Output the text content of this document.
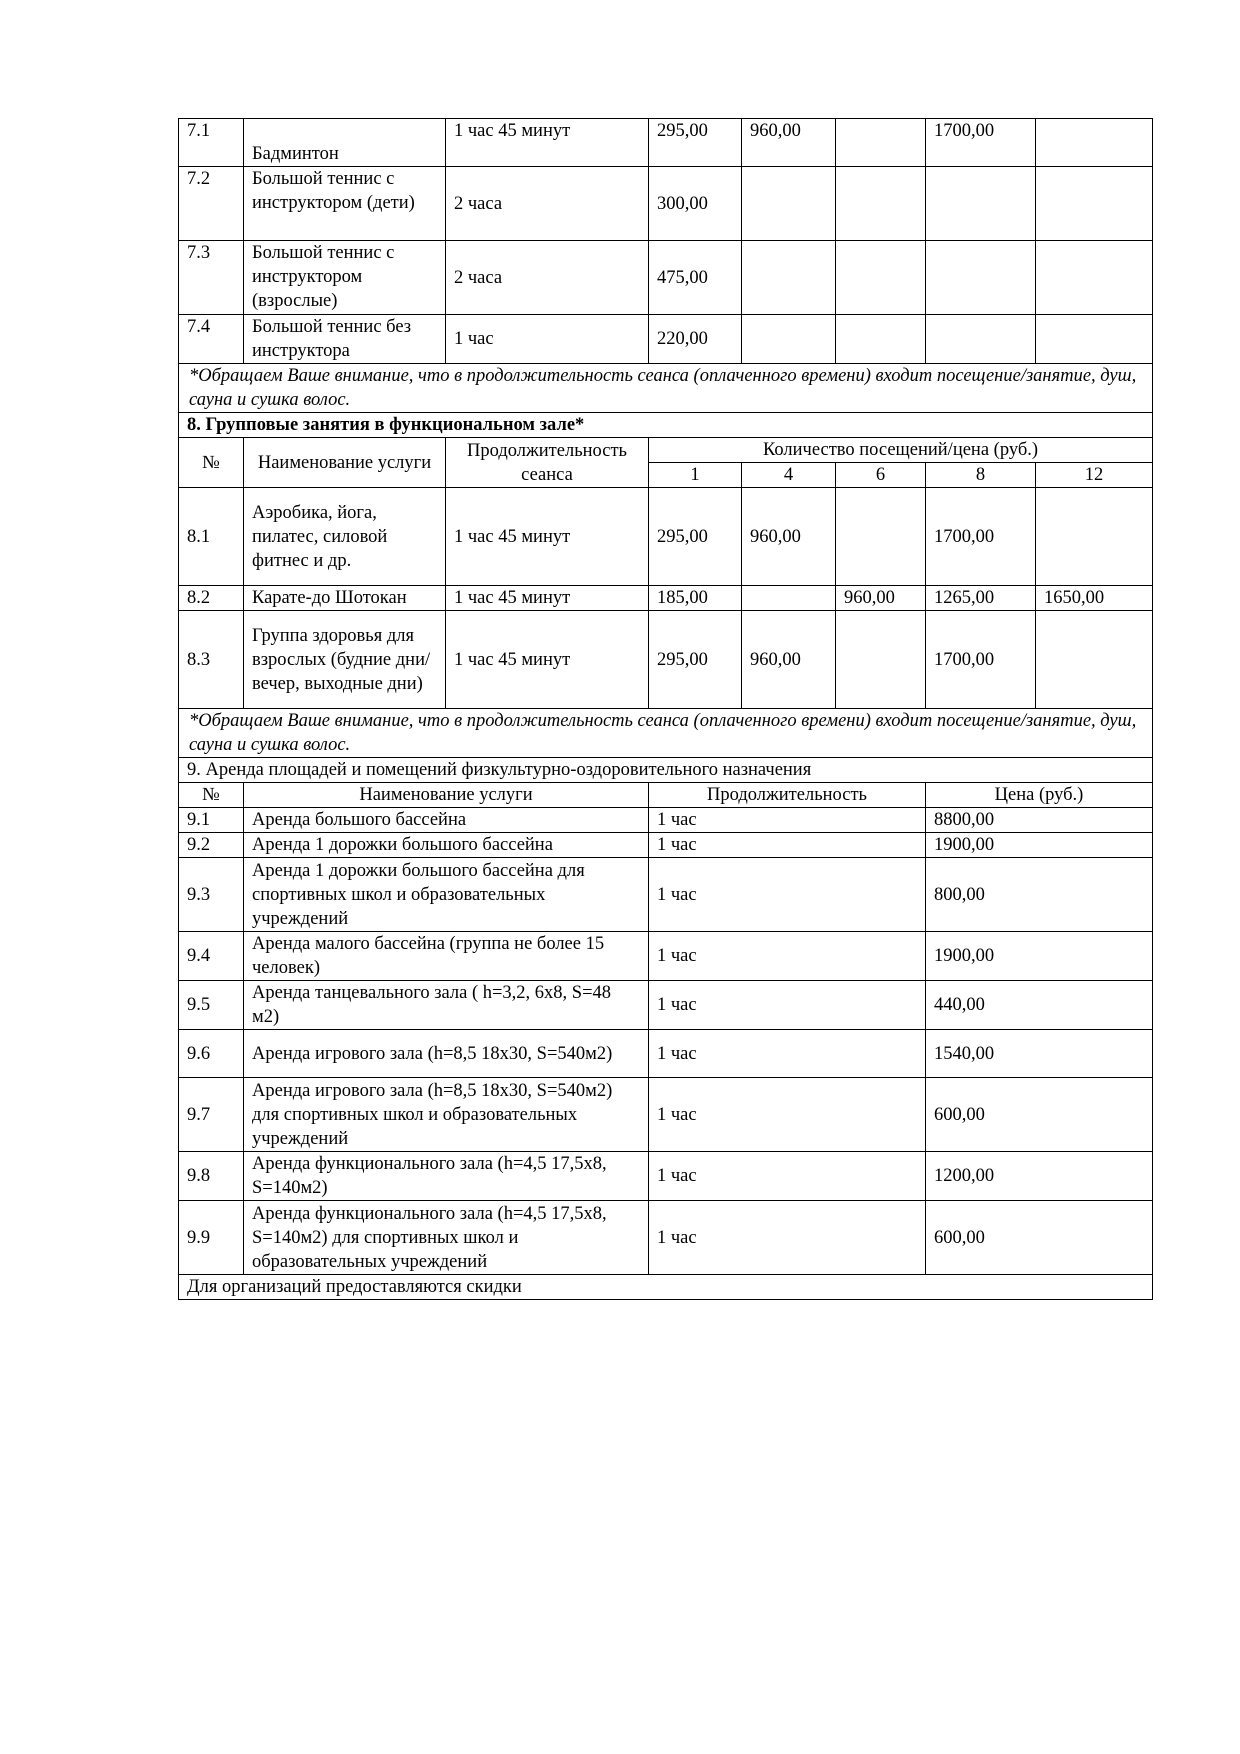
7.1	Бадминтон	1 час 45 минут	295,00	960,00		1700,00	
7.2	Большой теннис с инструктором (дети)	2 часа	300,00				
7.3	Большой теннис с инструктором (взрослые)	2 часа	475,00				
7.4	Большой теннис без инструктора	1 час	220,00				
*Обращаем Ваше внимание, что в продолжительность сеанса (оплаченного времени) входит посещение/занятие, душ, сауна и сушка волос.							
8. Групповые занятия в функциональном зале*							
№	Наименование услуги	Продолжительность сеанса	Количество посещений/цена (руб.)				
			1	4	6	8	12
8.1	Аэробика, йога, пилатес, силовой фитнес и др.	1 час 45 минут	295,00	960,00		1700,00	
8.2	Карате-до Шотокан	1 час 45 минут	185,00		960,00	1265,00	1650,00
8.3	Группа здоровья для взрослых (будние дни/вечер, выходные дни)	1 час 45 минут	295,00	960,00		1700,00	
*Обращаем Ваше внимание, что в продолжительность сеанса (оплаченного времени) входит посещение/занятие, душ, сауна и сушка волос.							
9. Аренда площадей и помещений физкультурно-оздоровительного назначения							
№	Наименование услуги		Продолжительность			Цена (руб.)	
9.1	Аренда большого бассейна		1 час			8800,00	
9.2	Аренда 1 дорожки большого бассейна		1 час			1900,00	
9.3	Аренда 1 дорожки большого бассейна для спортивных школ и образовательных учреждений		1 час			800,00	
9.4	Аренда малого бассейна (группа не более 15 человек)		1 час			1900,00	
9.5	Аренда танцевального зала ( h=3,2, 6х8, S=48 м2)		1 час			440,00	
9.6	Аренда игрового зала (h=8,5 18х30, S=540м2)		1 час			1540,00	
9.7	Аренда игрового зала (h=8,5 18х30, S=540м2) для спортивных школ и образовательных учреждений		1 час			600,00	
9.8	Аренда функционального зала (h=4,5 17,5х8, S=140м2)		1 час			1200,00	
9.9	Аренда функционального зала (h=4,5 17,5х8, S=140м2) для спортивных школ и образовательных учреждений		1 час			600,00	
Для организаций предоставляются скидки							
